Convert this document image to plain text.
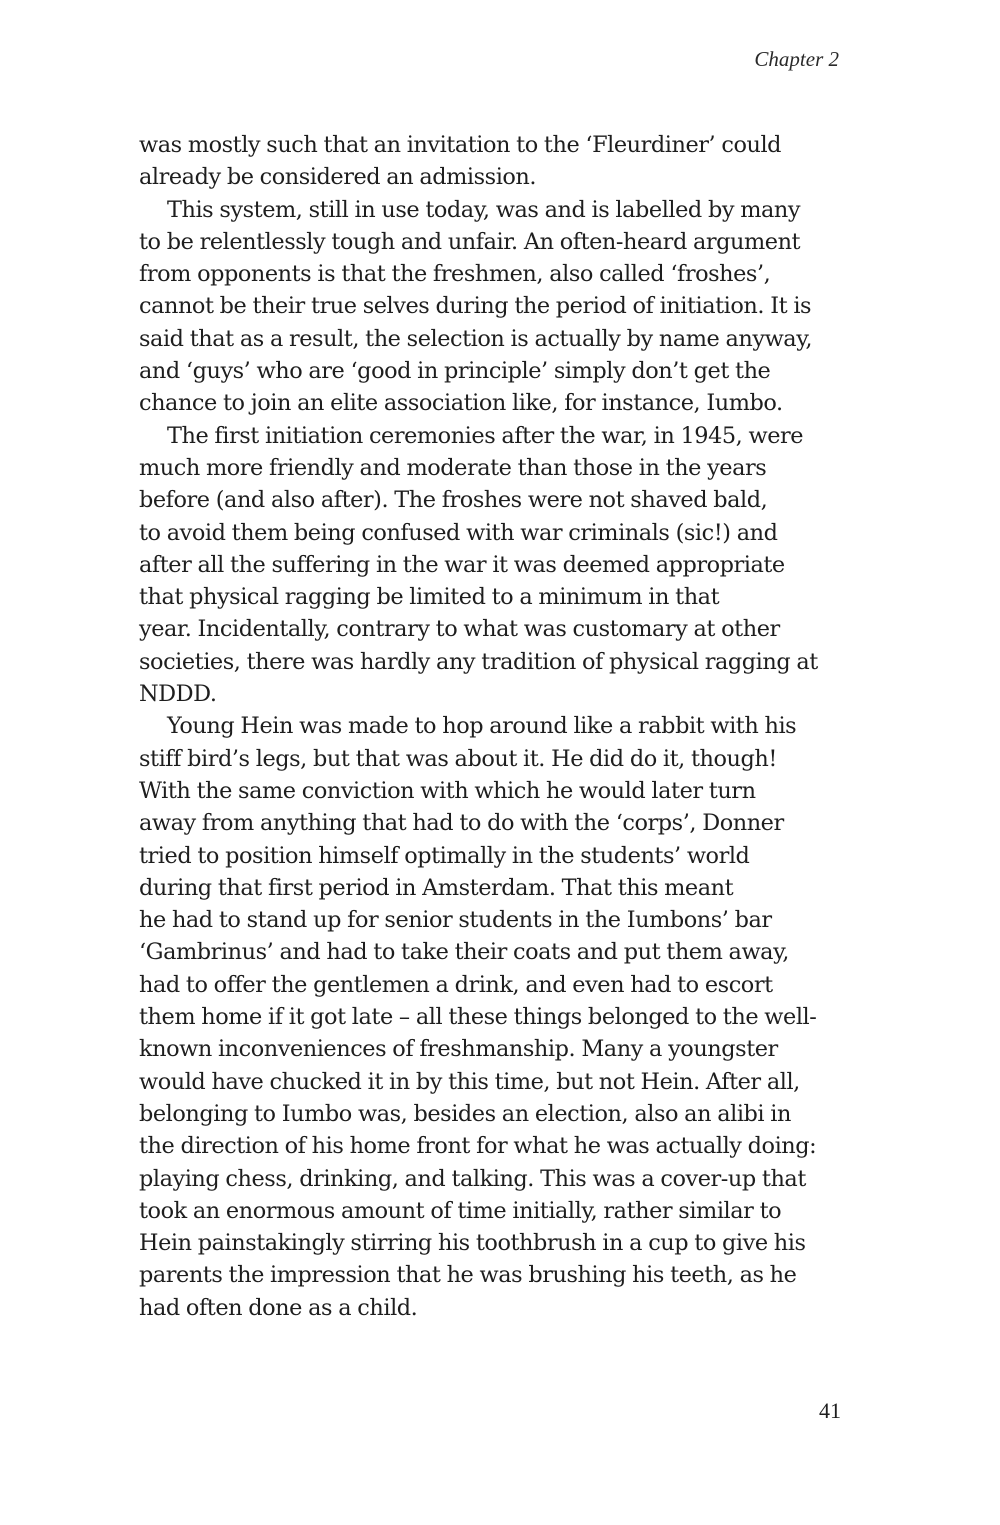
Chapter 2
was mostly such that an invitation to the ‘Fleurdiner’ could
already be considered an admission.
This system, still in use today, was and is labelled by many
to be relentlessly tough and unfair. An often-heard argument
from opponents is that the freshmen, also called ‘froshes’,
cannot be their true selves during the period of initiation. It is
said that as a result, the selection is actually by name anyway,
and ‘guys’ who are ‘good in principle’ simply don’t get the
chance to join an elite association like, for instance, Iumbo.
The first initiation ceremonies after the war, in 1945, were
much more friendly and moderate than those in the years
before (and also after). The froshes were not shaved bald,
to avoid them being confused with war criminals (sic!) and
after all the suffering in the war it was deemed appropriate
that physical ragging be limited to a minimum in that
year. Incidentally, contrary to what was customary at other
societies, there was hardly any tradition of physical ragging at
NDDD.
Young Hein was made to hop around like a rabbit with his
stiff bird’s legs, but that was about it. He did do it, though!
With the same conviction with which he would later turn
away from anything that had to do with the ‘corps’, Donner
tried to position himself optimally in the students’ world
during that first period in Amsterdam. That this meant
he had to stand up for senior students in the Iumbons’ bar
‘Gambrinus’ and had to take their coats and put them away,
had to offer the gentlemen a drink, and even had to escort
them home if it got late – all these things belonged to the well-
known inconveniences of freshmanship. Many a youngster
would have chucked it in by this time, but not Hein. After all,
belonging to Iumbo was, besides an election, also an alibi in
the direction of his home front for what he was actually doing:
playing chess, drinking, and talking. This was a cover-up that
took an enormous amount of time initially, rather similar to
Hein painstakingly stirring his toothbrush in a cup to give his
parents the impression that he was brushing his teeth, as he
had often done as a child.
41
